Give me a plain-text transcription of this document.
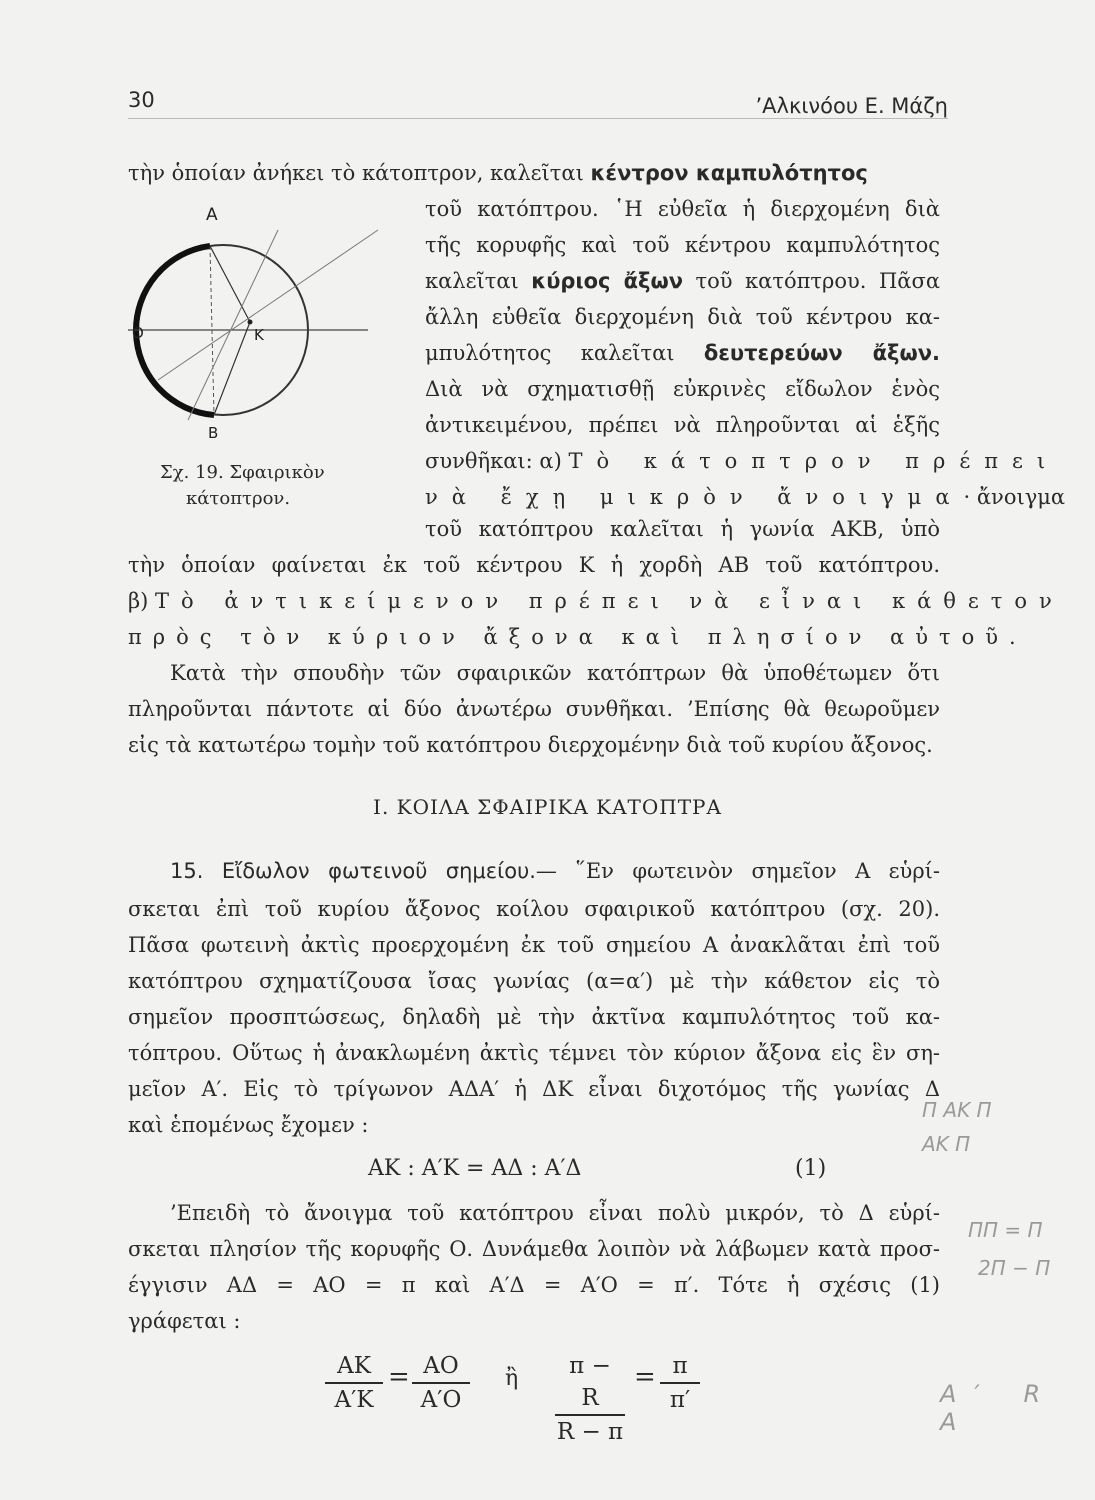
30	’Αλκινόου Ε. Μάζη
A
O	K
B
Σχ. 19. Σφαιρικὸν
κάτοπτρον.
τὴν ὁποίαν ἀνήκει τὸ κάτοπτρον, καλεῖται κέντρον καμπυλότητος
τοῦ κατόπτρου. ῾Η εὐθεῖα ἡ διερχομένη διὰ
τῆς κορυφῆς καὶ τοῦ κέντρου καμπυλότητος
καλεῖται κύριος ἄξων τοῦ κατόπτρου. Πᾶσα
ἄλλη εὐθεῖα διερχομένη διὰ τοῦ κέντρου κα-
μπυλότητος καλεῖται δευτερεύων ἄξων.
Διὰ νὰ σχηματισθῇ εὐκρινὲς εἴδωλον ἑνὸς
ἀντικειμένου, πρέπει νὰ πληροῦνται αἱ ἑξῆς
συνθῆκαι: α) Τὸ κάτοπτρον πρέπει
νὰ ἔχῃ μικρὸν ἄνοιγμα· ἄνοιγμα
τοῦ κατόπτρου καλεῖται ἡ γωνία ΑΚΒ, ὑπὸ
τὴν ὁποίαν φαίνεται ἐκ τοῦ κέντρου Κ ἡ χορδὴ ΑΒ τοῦ κατόπτρου.
β) Τὸ ἀντικείμενον πρέπει νὰ εἶναι κάθετον
πρὸς τὸν κύριον ἄξονα καὶ πλησίον αὐτοῦ.
Κατὰ τὴν σπουδὴν τῶν σφαιρικῶν κατόπτρων θὰ ὑποθέτωμεν ὅτι
πληροῦνται πάντοτε αἱ δύο ἀνωτέρω συνθῆκαι. ’Επίσης θὰ θεωροῦμεν
εἰς τὰ κατωτέρω τομὴν τοῦ κατόπτρου διερχομένην διὰ τοῦ κυρίου ἄξονος.
I. ΚΟΙΛΑ ΣΦΑΙΡΙΚΑ ΚΑΤΟΠΤΡΑ
15. Εἴδωλον φωτεινοῦ σημείου.— ῞Εν φωτεινὸν σημεῖον Α εὑρί-
σκεται ἐπὶ τοῦ κυρίου ἄξονος κοίλου σφαιρικοῦ κατόπτρου (σχ. 20).
Πᾶσα φωτεινὴ ἀκτὶς προερχομένη ἐκ τοῦ σημείου Α ἀνακλᾶται ἐπὶ τοῦ
κατόπτρου σχηματίζουσα ἴσας γωνίας (α=α′) μὲ τὴν κάθετον εἰς τὸ
σημεῖον προσπτώσεως, δηλαδὴ μὲ τὴν ἀκτῖνα καμπυλότητος τοῦ κα-
τόπτρου. Οὕτως ἡ ἀνακλωμένη ἀκτὶς τέμνει τὸν κύριον ἄξονα εἰς ἓν ση-
μεῖον Α′. Εἰς τὸ τρίγωνον ΑΔΑ′ ἡ ΔΚ εἶναι διχοτόμος τῆς γωνίας Δ
καὶ ἑπομένως ἔχομεν :
ΑΚ : Α′Κ = ΑΔ : Α′Δ	(1)
’Επειδὴ τὸ ἄνοιγμα τοῦ κατόπτρου εἶναι πολὺ μικρόν, τὸ Δ εὑρί-
σκεται πλησίον τῆς κορυφῆς Ο. Δυνάμεθα λοιπὸν νὰ λάβωμεν κατὰ προσ-
έγγισιν ΑΔ = ΑΟ = π καὶ Α′Δ = Α′Ο = π′. Τότε ἡ σχέσις (1)
γράφεται :
$\frac{AK}{A'K} = \frac{AO}{A'O}$ ἢ $\frac{\pi - R}{R - \pi} = \frac{\pi}{\pi'}$
Π ΑΚ Π
ΑΚ Π
ΠΠ = Π
2Π − Π
A′ R A
